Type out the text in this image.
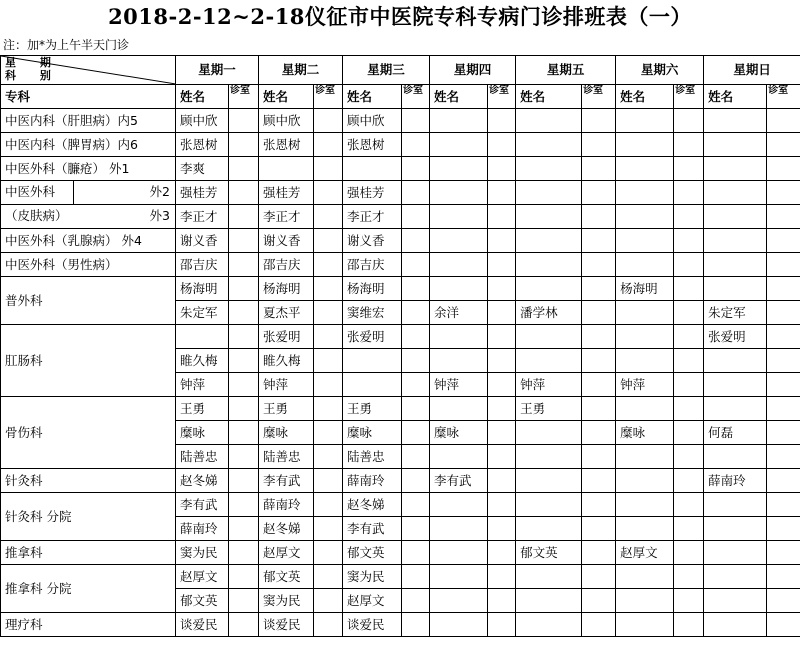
2018-2-12~2-18仪征市中医院专科专病门诊排班表（一）
注：加*为上午半天门诊
星 期
科 别	星期一		星期二		星期三		星期四		星期五		星期六		星期日	
专科	姓名	诊室	姓名	诊室	姓名	诊室	姓名	诊室	姓名	诊室	姓名	诊室	姓名	诊室
中医内科（肝胆病）内5	顾中欣		顾中欣		顾中欣									
中医内科（脾胃病）内6	张恩树		张恩树		张恩树									
中医外科（臁疮） 外1	李爽													

中医外科 外2	强桂芳		强桂芳		强桂芳									

（皮肤病） 外3	李正才		李正才		李正才									
中医外科（乳腺病） 外4	谢义香		谢义香		谢义香									
中医外科（男性病）	邵吉庆		邵吉庆		邵吉庆									
普外科	杨海明		杨海明		杨海明						杨海明			
	朱定军		夏杰平		窦维宏		余洋		潘学林				朱定军	
肛肠科			张爱明		张爱明								张爱明	
	睢久梅		睢久梅											
	钟萍		钟萍				钟萍		钟萍		钟萍			
骨伤科	王勇		王勇		王勇				王勇					
	糜咏		糜咏		糜咏		糜咏				糜咏		何磊	
	陆善忠		陆善忠		陆善忠									
针灸科	赵冬娣		李有武		薛南玲		李有武						薛南玲	
针灸科 分院	李有武		薛南玲		赵冬娣									
	薛南玲		赵冬娣		李有武									
推拿科	窦为民		赵厚文		郁文英				郁文英		赵厚文			
推拿科 分院	赵厚文		郁文英		窦为民									
	郁文英		窦为民		赵厚文									
理疗科	谈爱民		谈爱民		谈爱民									
